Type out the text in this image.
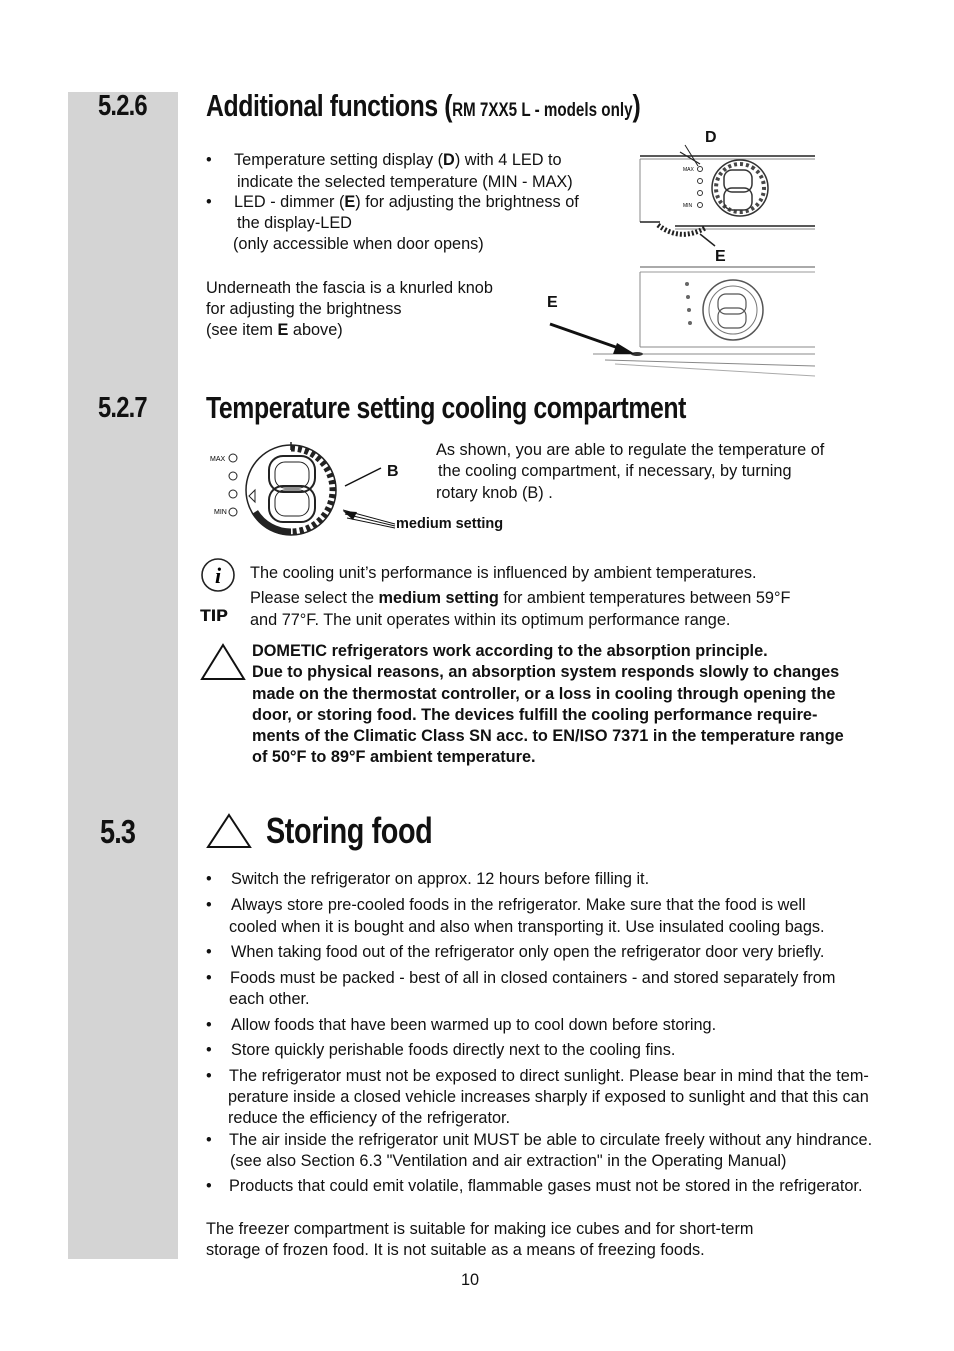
5.2.6 Additional functions (RM 7XX5 L - models only)
• Temperature setting display (D) with 4 LED to
indicate the selected temperature (MIN - MAX)
• LED - dimmer (E) for adjusting the brightness of
the display-LED
(only accessible when door opens)
Underneath the fascia is a knurled knob
for adjusting the brightness
(see item E above)
D
MAX
MIN
E
E
5.2.7 Temperature setting cooling compartment
MAX
MIN
B
medium setting
As shown, you are able to regulate the temperature of
the cooling compartment, if necessary, by turning
rotary knob (B) .
i
TIP
The cooling unit’s performance is influenced by ambient temperatures.
Please select the medium setting for ambient temperatures between 59°F
and 77°F. The unit operates within its optimum performance range.
DOMETIC refrigerators work according to the absorption principle.
Due to physical reasons, an absorption system responds slowly to changes
made on the thermostat controller, or a loss in cooling through opening the
door, or storing food. The devices fulfill the cooling performance require-
ments of the Climatic Class SN acc. to EN/ISO 7371 in the temperature range
of 50°F to 89°F ambient temperature.
5.3	Storing food
• Switch the refrigerator on approx. 12 hours before filling it.
• Always store pre-cooled foods in the refrigerator. Make sure that the food is well
cooled when it is bought and also when transporting it. Use insulated cooling bags.
• When taking food out of the refrigerator only open the refrigerator door very briefly.
• Foods must be packed - best of all in closed containers - and stored separately from
each other.
• Allow foods that have been warmed up to cool down before storing.
• Store quickly perishable foods directly next to the cooling fins.
• The refrigerator must not be exposed to direct sunlight. Please bear in mind that the tem-
perature inside a closed vehicle increases sharply if exposed to sunlight and that this can
reduce the efficiency of the refrigerator.
• The air inside the refrigerator unit MUST be able to circulate freely without any hindrance.
(see also Section 6.3 "Ventilation and air extraction" in the Operating Manual)
• Products that could emit volatile, flammable gases must not be stored in the refrigerator.
The freezer compartment is suitable for making ice cubes and for short-term
storage of frozen food. It is not suitable as a means of freezing foods.
10
